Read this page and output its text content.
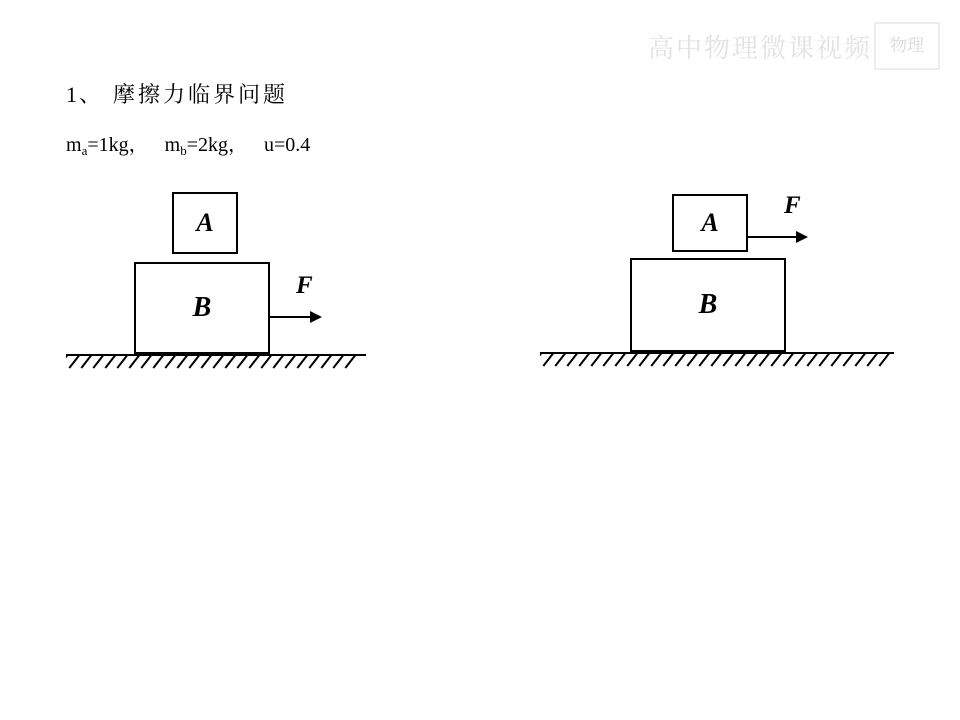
高中物理微课视频	物理
1、 摩擦力临界问题
$m_a=1kg$， $m_b=2kg$， u=0.4
A
B
F
A
B
F
